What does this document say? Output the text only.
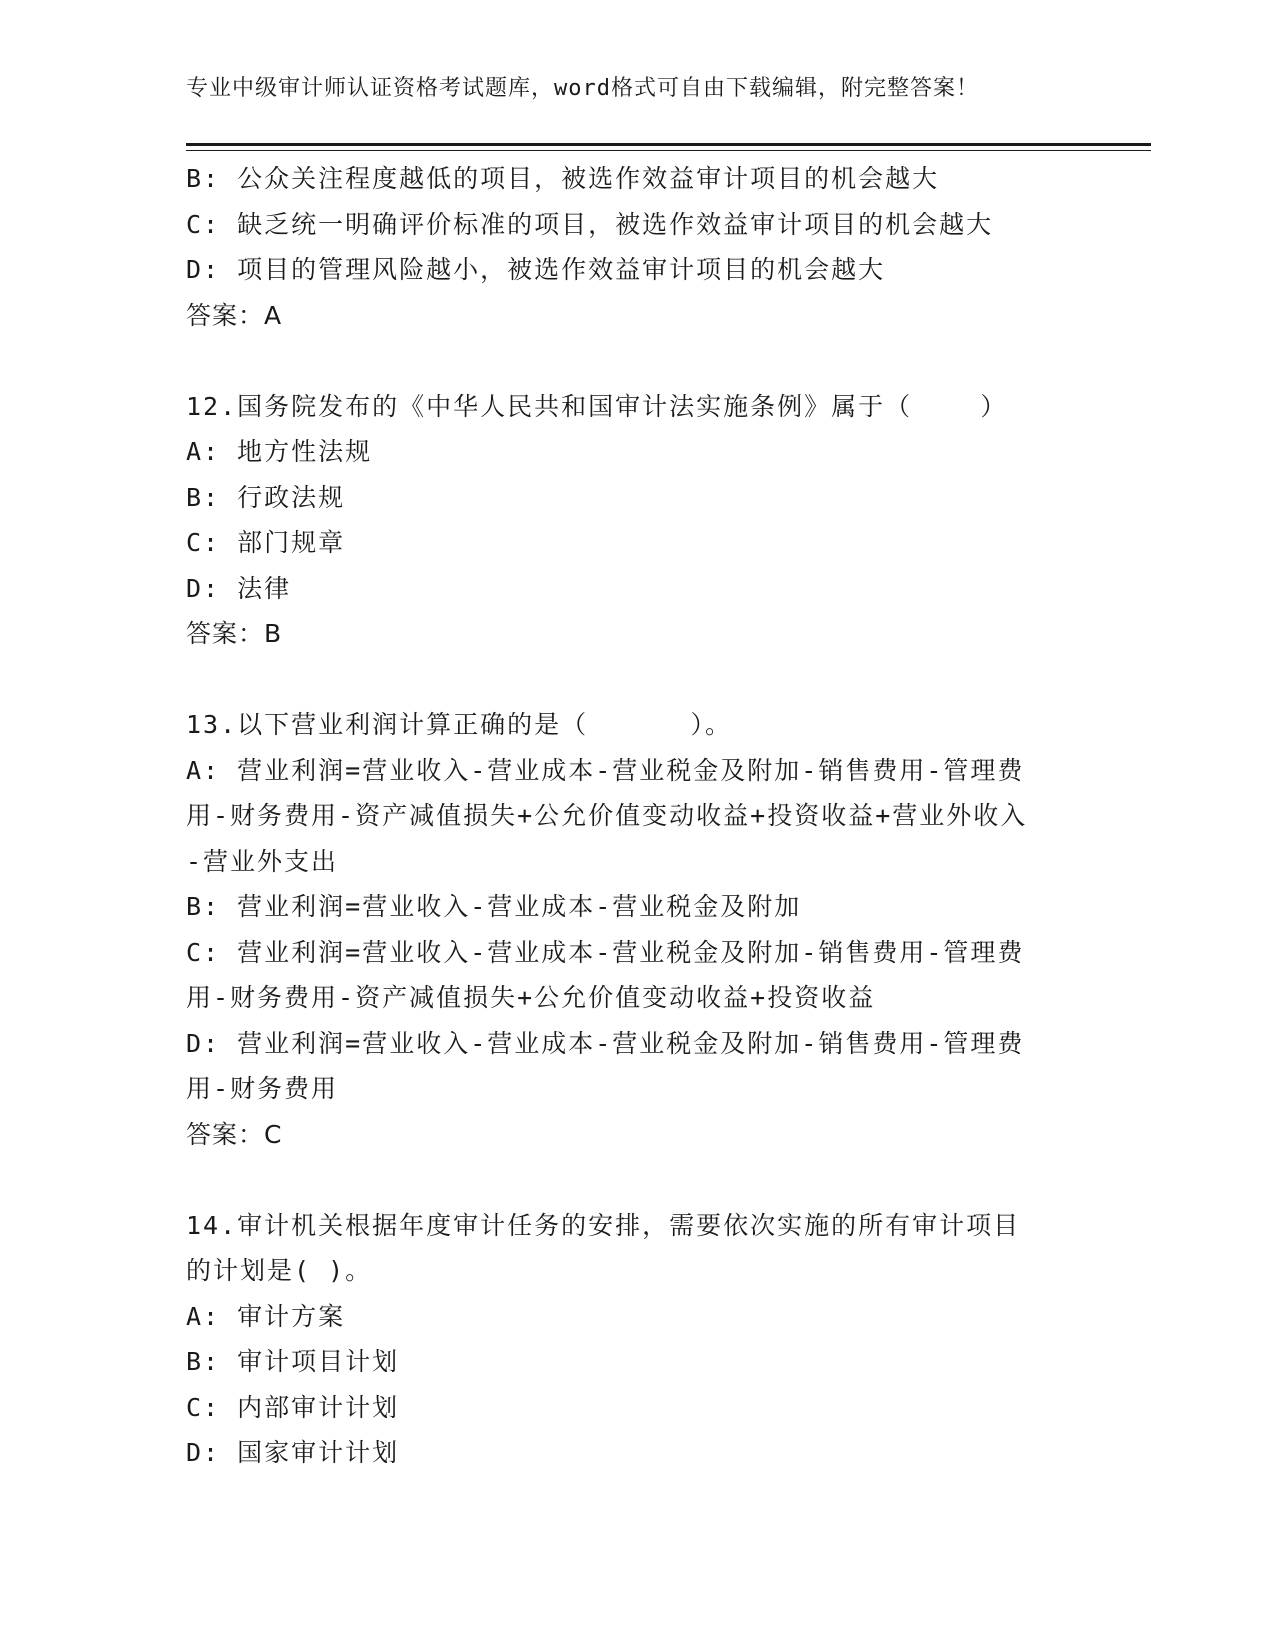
专业中级审计师认证资格考试题库，word格式可自由下载编辑，附完整答案！
B: 公众关注程度越低的项目，被选作效益审计项目的机会越大
C: 缺乏统一明确评价标准的项目，被选作效益审计项目的机会越大
D: 项目的管理风险越小，被选作效益审计项目的机会越大
答案：A
12.国务院发布的《中华人民共和国审计法实施条例》属于（    ）
A: 地方性法规
B: 行政法规
C: 部门规章
D: 法律
答案：B
13.以下营业利润计算正确的是（      ）。
A: 营业利润=营业收入-营业成本-营业税金及附加-销售费用-管理费
用-财务费用-资产减值损失+公允价值变动收益+投资收益+营业外收入
-营业外支出
B: 营业利润=营业收入-营业成本-营业税金及附加
C: 营业利润=营业收入-营业成本-营业税金及附加-销售费用-管理费
用-财务费用-资产减值损失+公允价值变动收益+投资收益
D: 营业利润=营业收入-营业成本-营业税金及附加-销售费用-管理费
用-财务费用
答案：C
14.审计机关根据年度审计任务的安排，需要依次实施的所有审计项目
的计划是( )。
A: 审计方案
B: 审计项目计划
C: 内部审计计划
D: 国家审计计划
